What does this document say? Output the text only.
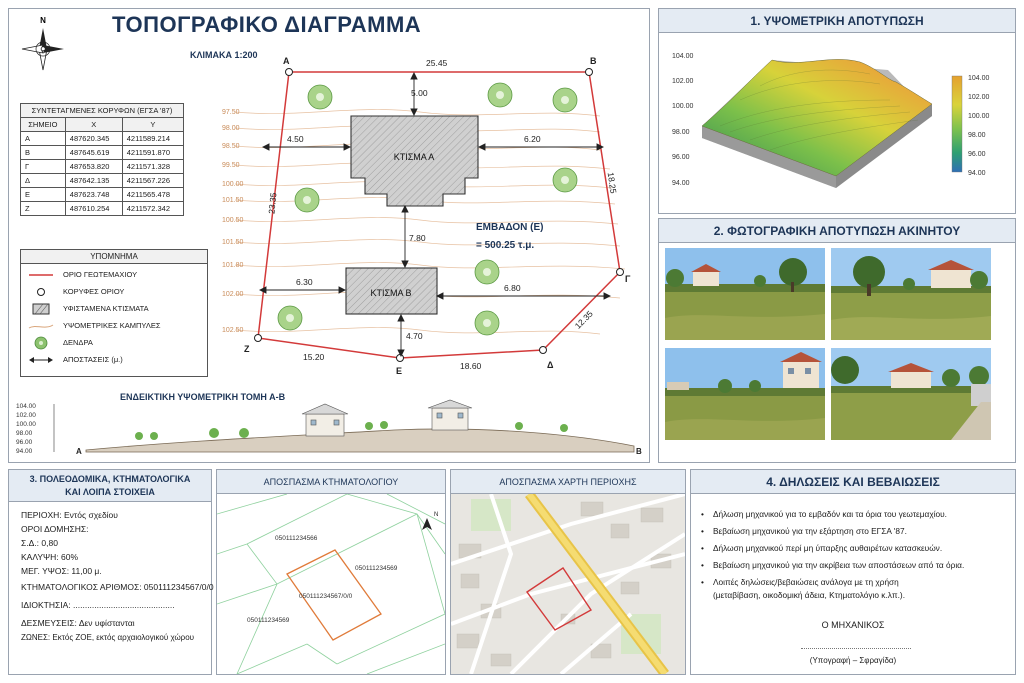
ΤΟΠΟΓΡΑΦΙΚΟ ΔΙΑΓΡΑΜΜΑ
ΚΛΙΜΑΚΑ 1:200
N
ΣΥΝΤΕΤΑΓΜΕΝΕΣ ΚΟΡΥΦΩΝ (ΕΓΣΑ '87)		
ΣΗΜΕΙΟ	X	Y
Α	487620.345	4211589.214
Β	487645.619	4211591.870
Γ	487653.820	4211571.328
Δ	487642.135	4211567.226
Ε	487623.748	4211565.478
Ζ	487610.254	4211572.342
ΥΠΟΜΝΗΜΑ
ΟΡΙΟ ΓΕΩΤΕΜΑΧΙΟΥ
ΚΟΡΥΦΕΣ ΟΡΙΟΥ
ΥΦΙΣΤΑΜΕΝΑ ΚΤΙΣΜΑΤΑ
ΥΨΟΜΕΤΡΙΚΕΣ ΚΑΜΠΥΛΕΣ
ΔΕΝΔΡΑ
ΑΠΟΣΤΑΣΕΙΣ (μ.)
97.50
98.00
98.50
99.50
100.00
101.50
100.50
101.50
101.80
102.00
102.50
Α	Β
Γ
Δ
Ε
Ζ
25.45
18.25
12.35
18.60
15.20
23.35
ΚΤΙΣΜΑ Α
ΚΤΙΣΜΑ Β
5.00
4.50	6.20
7.80
6.30
6.80
4.70
ΕΜΒΑΔΟΝ (Ε)
= 500.25 τ.μ.
ΕΝΔΕΙΚΤΙΚΗ ΥΨΟΜΕΤΡΙΚΗ ΤΟΜΗ Α-Β
104.00
102.00
100.00
98.00
96.00
94.00	Α	Β
1. ΥΨΟΜΕΤΡΙΚΗ ΑΠΟΤΥΠΩΣΗ
104.00
102.00
100.00
98.00
96.00
94.00
104.00
102.00
100.00
98.00
96.00
94.00
2. ΦΩΤΟΓΡΑΦΙΚΗ ΑΠΟΤΥΠΩΣΗ ΑΚΙΝΗΤΟΥ
3. ΠΟΛΕΟΔΟΜΙΚΑ, ΚΤΗΜΑΤΟΛΟΓΙΚΑ
ΚΑΙ ΛΟΙΠΑ ΣΤΟΙΧΕΙΑ
ΠΕΡΙΟΧΗ: Εντός σχεδίου
ΟΡΟΙ ΔΟΜΗΣΗΣ:
Σ.Δ.: 0,80
ΚΑΛΥΨΗ: 60%
ΜΕΓ. ΥΨΟΣ: 11,00 μ.
ΚΤΗΜΑΤΟΛΟΓΙΚΟΣ ΑΡΙΘΜΟΣ: 050111234567/0/0
ΙΔΙΟΚΤΗΣΙΑ: ...........................................
ΔΕΣΜΕΥΣΕΙΣ: Δεν υφίστανται
ΖΩΝΕΣ: Εκτός ΖΟΕ, εκτός αρχαιολογικού χώρου
ΑΠΟΣΠΑΣΜΑ ΚΤΗΜΑΤΟΛΟΓΙΟΥ
050111234566
050111234569
050111234567/0/0
050111234569
N
ΑΠΟΣΠΑΣΜΑ ΧΑΡΤΗ ΠΕΡΙΟΧΗΣ	4. ΔΗΛΩΣΕΙΣ ΚΑΙ ΒΕΒΑΙΩΣΕΙΣ
• Δήλωση μηχανικού για το εμβαδόν και τα όρια του γεωτεμαχίου.
• Βεβαίωση μηχανικού για την εξάρτηση στο ΕΓΣΑ '87.
• Δήλωση μηχανικού περί μη ύπαρξης αυθαιρέτων κατασκευών.
• Βεβαίωση μηχανικού για την ακρίβεια των αποστάσεων από τα όρια.
• Λοιπές δηλώσεις/βεβαιώσεις ανάλογα με τη χρήση
(μεταβίβαση, οικοδομική άδεια, Κτηματολόγιο κ.λπ.).
Ο ΜΗΧΑΝΙΚΟΣ
(Υπογραφή – Σφραγίδα)
